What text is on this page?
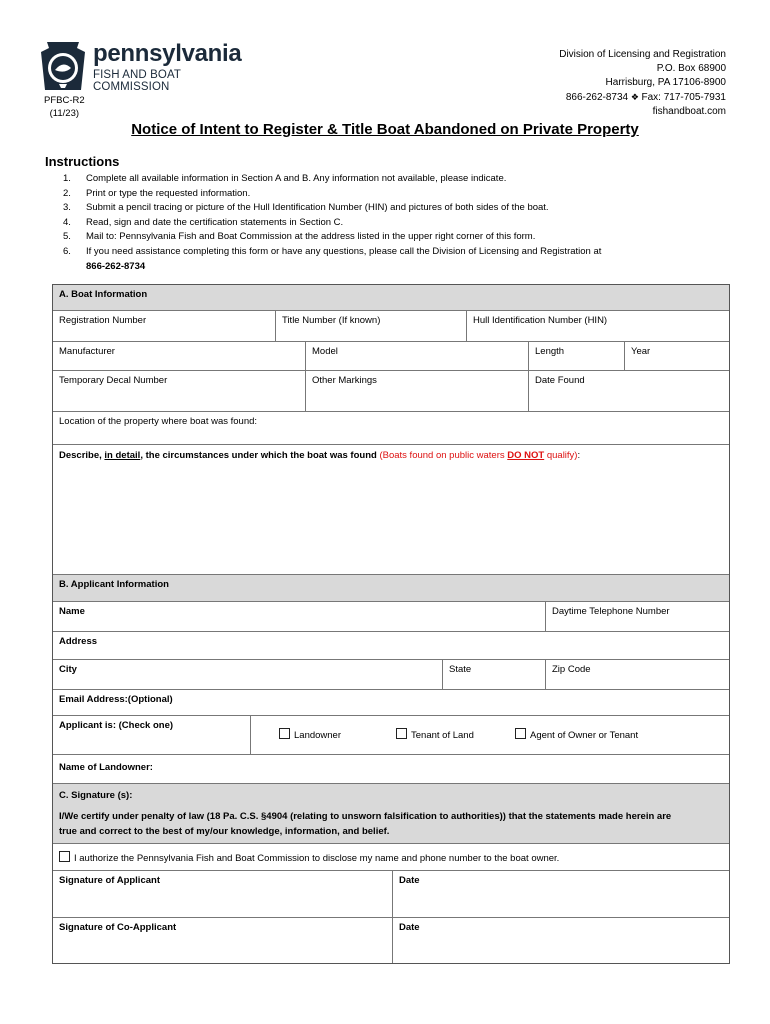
pennsylvania
FISH AND BOAT COMMISSION
PFBC-R2
(11/23)
Division of Licensing and Registration
P.O. Box 68900
Harrisburg, PA 17106-8900
866-262-8734 ❖ Fax: 717-705-7931
fishandboat.com
Notice of Intent to Register & Title Boat Abandoned on Private Property
Instructions
1. Complete all available information in Section A and B. Any information not available, please indicate.
2. Print or type the requested information.
3. Submit a pencil tracing or picture of the Hull Identification Number (HIN) and pictures of both sides of the boat.
4. Read, sign and date the certification statements in Section C.
5. Mail to: Pennsylvania Fish and Boat Commission at the address listed in the upper right corner of this form.
6. If you need assistance completing this form or have any questions, please call the Division of Licensing and Registration at
866-262-8734
A. Boat Information
Registration Number	Title Number (If known)	Hull Identification Number (HIN)
Manufacturer	Model	Length	Year
Temporary Decal Number	Other Markings	Date Found
Location of the property where boat was found:
Describe, in detail, the circumstances under which the boat was found (Boats found on public waters DO NOT qualify):
B. Applicant Information
Name	Daytime Telephone Number
Address
City	State	Zip Code
Email Address:(Optional)
Applicant is: (Check one)
Landowner	Tenant of Land	Agent of Owner or Tenant
Name of Landowner:
C. Signature (s):
I/We certify under penalty of law (18 Pa. C.S. §4904 (relating to unsworn falsification to authorities)) that the statements made herein are
true and correct to the best of my/our knowledge, information, and belief.
I authorize the Pennsylvania Fish and Boat Commission to disclose my name and phone number to the boat owner.
Signature of Applicant	Date
Signature of Co-Applicant	Date
